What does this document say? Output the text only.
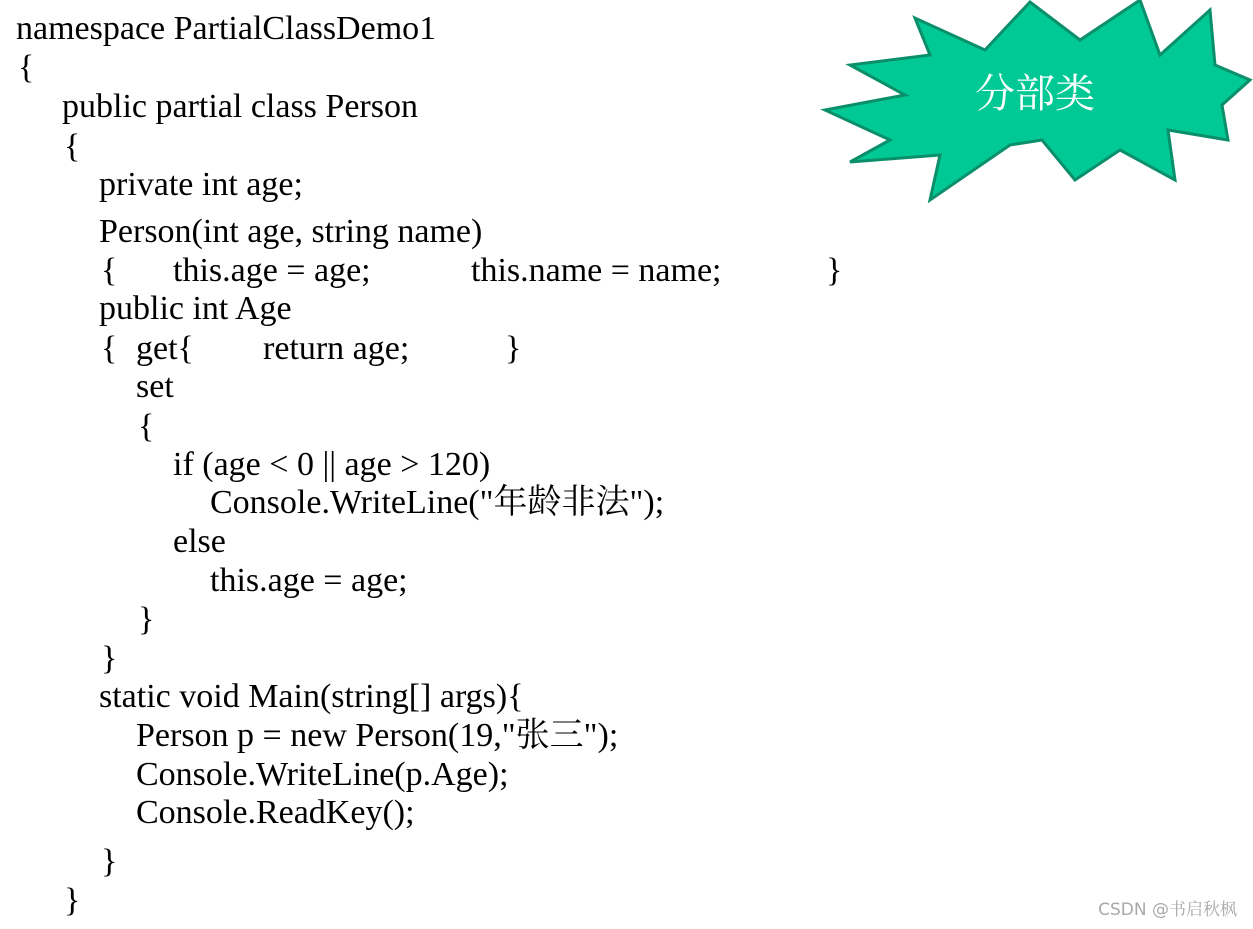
namespace PartialClassDemo1
{
public partial class Person
{
private int age;
Person(int age, string name)
{ this.age = age;	this.name = name;	}
public int Age
{ get{ return age;	}
set
{
if (age < 0 || age > 120)
Console.WriteLine("年龄非法");
else
this.age = age;
}
}
static void Main(string[] args){
Person p = new Person(19,"张三");
Console.WriteLine(p.Age);
Console.ReadKey();
}
}
分部类
CSDN @书启秋枫
